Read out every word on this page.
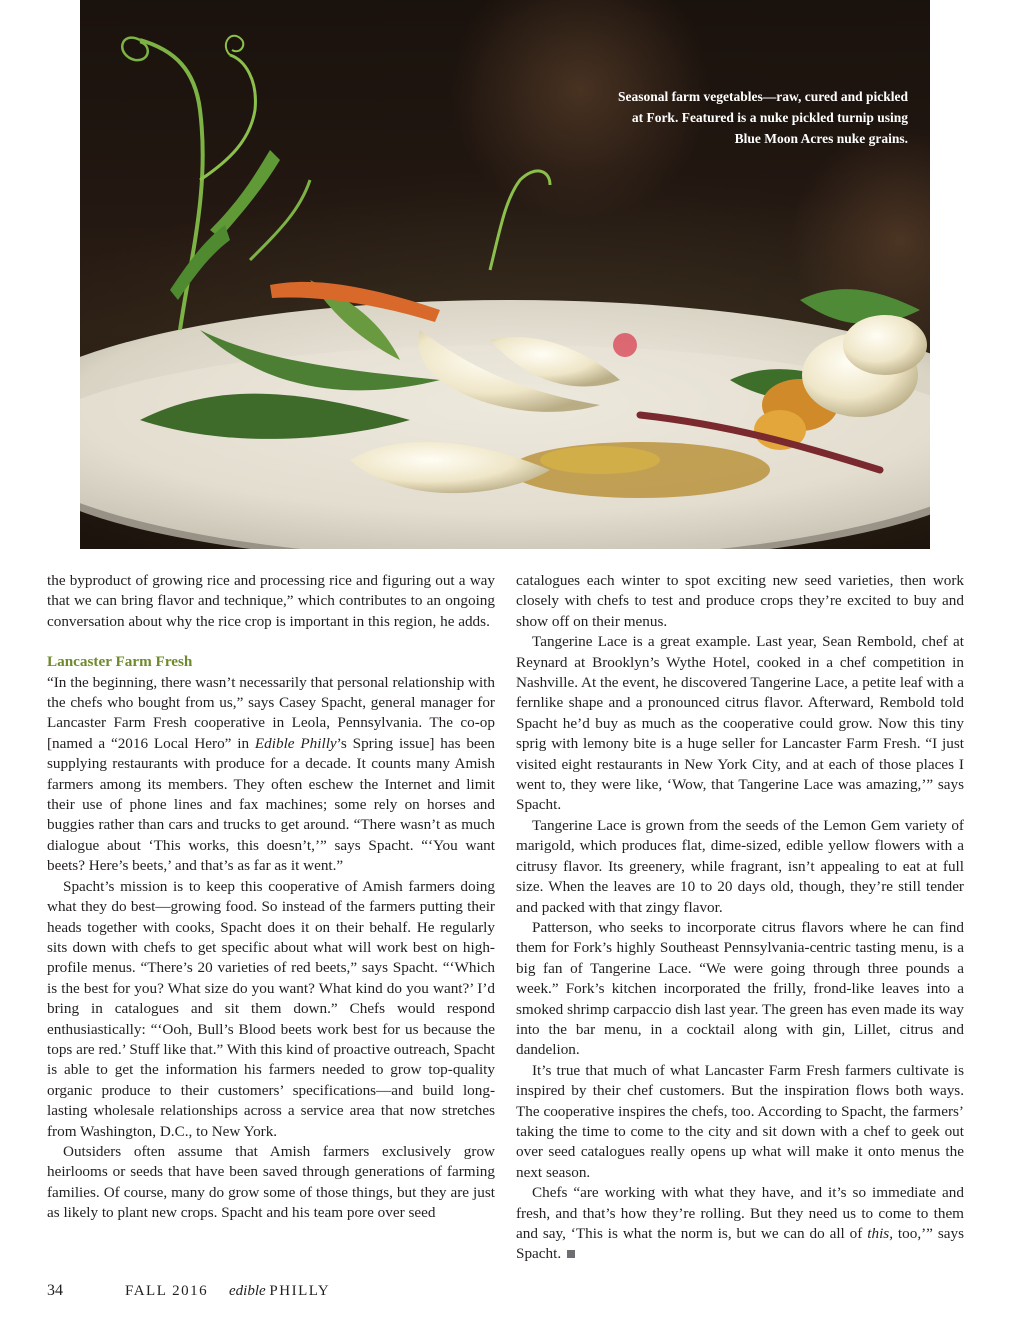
Seasonal farm vegetables—raw, cured and pickled at Fork. Featured is a nuke pickled turnip using Blue Moon Acres nuke grains.

the byproduct of growing rice and processing rice and figuring out a way that we can bring flavor and technique,” which contributes to an ongoing conversation about why the rice crop is important in this region, he adds.

Lancaster Farm Fresh

“In the beginning, there wasn’t necessarily that personal relationship with the chefs who bought from us,” says Casey Spacht, general manager for Lancaster Farm Fresh cooperative in Leola, Pennsylvania. The co-op [named a “2016 Local Hero” in Edible Philly’s Spring issue] has been supplying restaurants with produce for a decade. It counts many Amish farmers among its members. They often eschew the Internet and limit their use of phone lines and fax machines; some rely on horses and buggies rather than cars and trucks to get around. “There wasn’t as much dialogue about ‘This works, this doesn’t,’” says Spacht. “‘You want beets? Here’s beets,’ and that’s as far as it went.”

Spacht’s mission is to keep this cooperative of Amish farmers doing what they do best—growing food. So instead of the farmers putting their heads together with cooks, Spacht does it on their behalf. He regularly sits down with chefs to get specific about what will work best on high-profile menus. “There’s 20 varieties of red beets,” says Spacht. “‘Which is the best for you? What size do you want? What kind do you want?’ I’d bring in catalogues and sit them down.” Chefs would respond enthusiastically: “‘Ooh, Bull’s Blood beets work best for us because the tops are red.’ Stuff like that.” With this kind of proactive outreach, Spacht is able to get the information his farmers needed to grow top-quality organic produce to their customers’ specifications—and build long-lasting wholesale relationships across a service area that now stretches from Washington, D.C., to New York.

Outsiders often assume that Amish farmers exclusively grow heirlooms or seeds that have been saved through generations of farming families. Of course, many do grow some of those things, but they are just as likely to plant new crops. Spacht and his team pore over seed

catalogues each winter to spot exciting new seed varieties, then work closely with chefs to test and produce crops they’re excited to buy and show off on their menus.

Tangerine Lace is a great example. Last year, Sean Rembold, chef at Reynard at Brooklyn’s Wythe Hotel, cooked in a chef competition in Nashville. At the event, he discovered Tangerine Lace, a petite leaf with a fernlike shape and a pronounced citrus flavor. Afterward, Rembold told Spacht he’d buy as much as the cooperative could grow. Now this tiny sprig with lemony bite is a huge seller for Lancaster Farm Fresh. “I just visited eight restaurants in New York City, and at each of those places I went to, they were like, ‘Wow, that Tangerine Lace was amazing,’” says Spacht.

Tangerine Lace is grown from the seeds of the Lemon Gem variety of marigold, which produces flat, dime-sized, edible yellow flowers with a citrusy flavor. Its greenery, while fragrant, isn’t appealing to eat at full size. When the leaves are 10 to 20 days old, though, they’re still tender and packed with that zingy flavor.

Patterson, who seeks to incorporate citrus flavors where he can find them for Fork’s highly Southeast Pennsylvania-centric tasting menu, is a big fan of Tangerine Lace. “We were going through three pounds a week.” Fork’s kitchen incorporated the frilly, frond-like leaves into a smoked shrimp carpaccio dish last year. The green has even made its way into the bar menu, in a cocktail along with gin, Lillet, citrus and dandelion.

It’s true that much of what Lancaster Farm Fresh farmers cultivate is inspired by their chef customers. But the inspiration flows both ways. The cooperative inspires the chefs, too. According to Spacht, the farmers’ taking the time to come to the city and sit down with a chef to geek out over seed catalogues really opens up what will make it onto menus the next season.

Chefs “are working with what they have, and it’s so immediate and fresh, and that’s how they’re rolling. But they need us to come to them and say, ‘This is what the norm is, but we can do all of this, too,’” says Spacht.

34	FALL 2016	edible PHILLY
